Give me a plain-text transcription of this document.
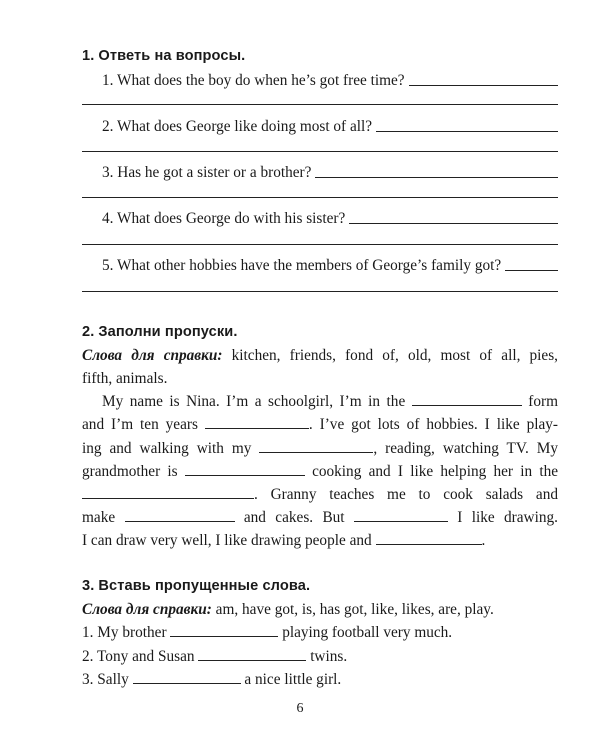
1. Ответь на вопросы.
1. What does the boy do when he’s got free time?
2. What does George like doing most of all?
3. Has he got a sister or a brother?
4. What does George do with his sister?
5. What other hobbies have the members of George’s family got?
2. Заполни пропуски.
Слова для справки: kitchen, friends, fond of, old, most of all, pies,
fifth, animals.
My name is Nina. I’m a schoolgirl, I’m in the	form
and I’m ten years	. I’ve got lots of hobbies. I like play-
ing and walking with my	, reading, watching TV. My
grandmother is	cooking and I like helping her in the
. Granny teaches me to cook salads and
make	and cakes. But	I like drawing.
I can draw very well, I like drawing people and	.
3. Вставь пропущенные слова.
Слова для справки: am, have got, is, has got, like, likes, are, play.
1. My brother	playing football very much.
2. Tony and Susan	twins.
3. Sally	a nice little girl.
6
